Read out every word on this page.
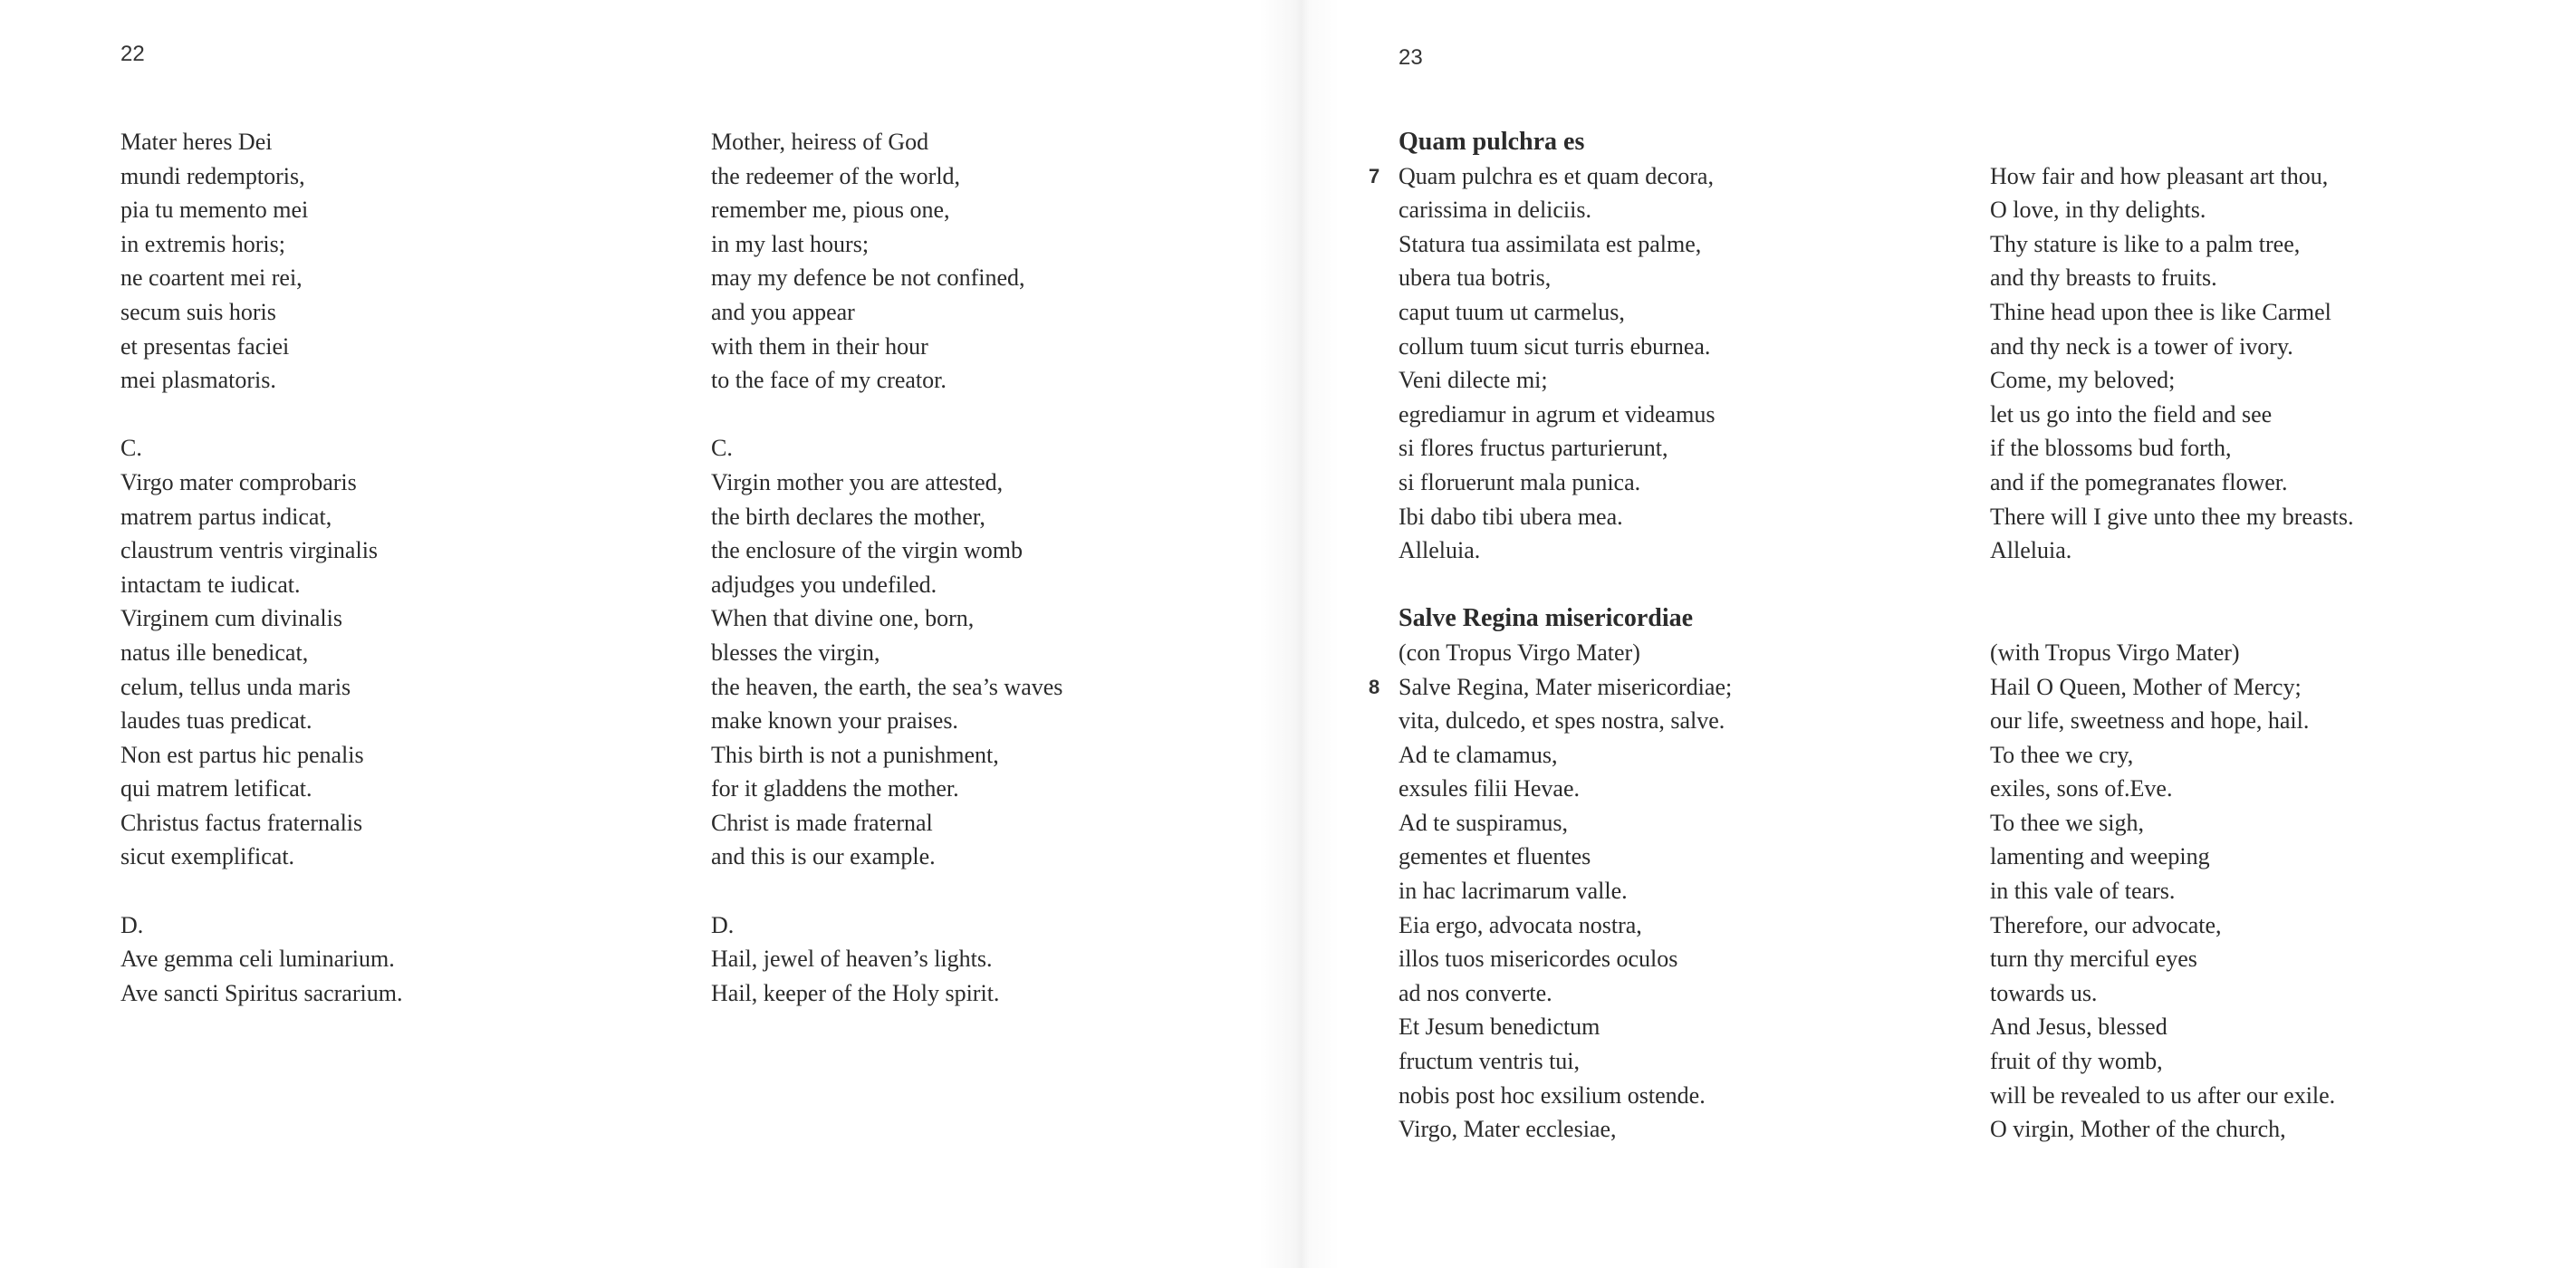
22
Mater heres Dei
mundi redemptoris,
pia tu memento mei
in extremis horis;
ne coartent mei rei,
secum suis horis
et presentas faciei
mei plasmatoris.
C.
Virgo mater comprobaris
matrem partus indicat,
claustrum ventris virginalis
intactam te iudicat.
Virginem cum divinalis
natus ille benedicat,
celum, tellus unda maris
laudes tuas predicat.
Non est partus hic penalis
qui matrem letificat.
Christus factus fraternalis
sicut exemplificat.
D.
Ave gemma celi luminarium.
Ave sancti Spiritus sacrarium.
Mother, heiress of God
the redeemer of the world,
remember me, pious one,
in my last hours;
may my defence be not confined,
and you appear
with them in their hour
to the face of my creator.
C.
Virgin mother you are attested,
the birth declares the mother,
the enclosure of the virgin womb
adjudges you undefiled.
When that divine one, born,
blesses the virgin,
the heaven, the earth, the sea’s waves
make known your praises.
This birth is not a punishment,
for it gladdens the mother.
Christ is made fraternal
and this is our example.
D.
Hail, jewel of heaven’s lights.
Hail, keeper of the Holy spirit.
23
Quam pulchra es
7 Quam pulchra es et quam decora,
carissima in deliciis.
Statura tua assimilata est palme,
ubera tua botris,
caput tuum ut carmelus,
collum tuum sicut turris eburnea.
Veni dilecte mi;
egrediamur in agrum et videamus
si flores fructus parturierunt,
si floruerunt mala punica.
Ibi dabo tibi ubera mea.
Alleluia.
Salve Regina misericordiae
(con Tropus Virgo Mater)
8 Salve Regina, Mater misericordiae;
vita, dulcedo, et spes nostra, salve.
Ad te clamamus,
exsules filii Hevae.
Ad te suspiramus,
gementes et fluentes
in hac lacrimarum valle.
Eia ergo, advocata nostra,
illos tuos misericordes oculos
ad nos converte.
Et Jesum benedictum
fructum ventris tui,
nobis post hoc exsilium ostende.
Virgo, Mater ecclesiae,
How fair and how pleasant art thou,
O love, in thy delights.
Thy stature is like to a palm tree,
and thy breasts to fruits.
Thine head upon thee is like Carmel
and thy neck is a tower of ivory.
Come, my beloved;
let us go into the field and see
if the blossoms bud forth,
and if the pomegranates flower.
There will I give unto thee my breasts.
Alleluia.
(with Tropus Virgo Mater)
Hail O Queen, Mother of Mercy;
our life, sweetness and hope, hail.
To thee we cry,
exiles, sons of.Eve.
To thee we sigh,
lamenting and weeping
in this vale of tears.
Therefore, our advocate,
turn thy merciful eyes
towards us.
And Jesus, blessed
fruit of thy womb,
will be revealed to us after our exile.
O virgin, Mother of the church,
